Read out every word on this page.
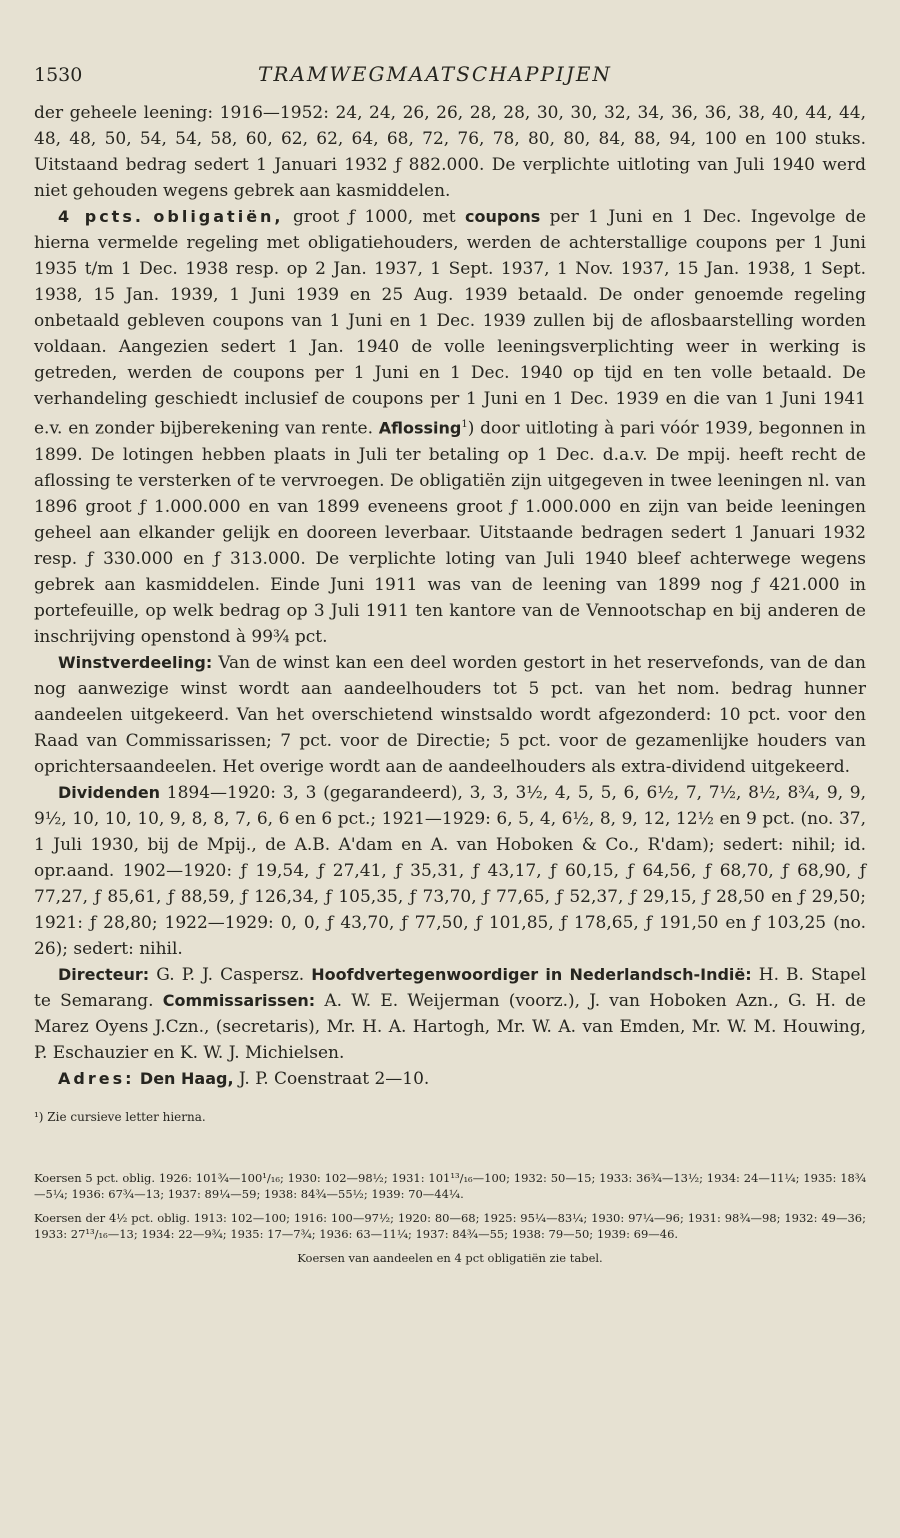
1530	TRAMWEGMAATSCHAPPIJEN

der geheele leening: 1916—1952: 24, 24, 26, 26, 28, 28, 30, 30, 32, 34, 36, 36, 38, 40, 44, 44, 48, 48, 50, 54, 54, 58, 60, 62, 62, 64, 68, 72, 76, 78, 80, 80, 84, 88, 94, 100 en 100 stuks. Uitstaand bedrag sedert 1 Januari 1932 ƒ 882.000. De verplichte uitloting van Juli 1940 werd niet gehouden wegens gebrek aan kasmiddelen.

4 pcts. obligatiën, groot ƒ 1000, met coupons per 1 Juni en 1 Dec. Ingevolge de hierna vermelde regeling met obligatiehouders, werden de achterstallige coupons per 1 Juni 1935 t/m 1 Dec. 1938 resp. op 2 Jan. 1937, 1 Sept. 1937, 1 Nov. 1937, 15 Jan. 1938, 1 Sept. 1938, 15 Jan. 1939, 1 Juni 1939 en 25 Aug. 1939 betaald. De onder genoemde regeling onbetaald gebleven coupons van 1 Juni en 1 Dec. 1939 zullen bij de aflosbaarstelling worden voldaan. Aangezien sedert 1 Jan. 1940 de volle leeningsverplichting weer in werking is getreden, werden de coupons per 1 Juni en 1 Dec. 1940 op tijd en ten volle betaald. De verhandeling geschiedt inclusief de coupons per 1 Juni en 1 Dec. 1939 en die van 1 Juni 1941 e.v. en zonder bijberekening van rente. Aflossing$^1$) door uitloting à pari vóór 1939, begonnen in 1899. De lotingen hebben plaats in Juli ter betaling op 1 Dec. d.a.v. De mpij. heeft recht de aflossing te versterken of te vervroegen. De obligatiën zijn uitgegeven in twee leeningen nl. van 1896 groot ƒ 1.000.000 en van 1899 eveneens groot ƒ 1.000.000 en zijn van beide leeningen geheel aan elkander gelijk en dooreen leverbaar. Uitstaande bedragen sedert 1 Januari 1932 resp. ƒ 330.000 en ƒ 313.000. De verplichte loting van Juli 1940 bleef achterwege wegens gebrek aan kasmiddelen. Einde Juni 1911 was van de leening van 1899 nog ƒ 421.000 in portefeuille, op welk bedrag op 3 Juli 1911 ten kantore van de Vennootschap en bij anderen de inschrijving openstond à 99¾ pct.

Winstverdeeling: Van de winst kan een deel worden gestort in het reservefonds, van de dan nog aanwezige winst wordt aan aandeelhouders tot 5 pct. van het nom. bedrag hunner aandeelen uitgekeerd. Van het overschietend winstsaldo wordt afgezonderd: 10 pct. voor den Raad van Commissarissen; 7 pct. voor de Directie; 5 pct. voor de gezamenlijke houders van oprichtersaandeelen. Het overige wordt aan de aandeelhouders als extra-dividend uitgekeerd.

Dividenden 1894—1920: 3, 3 (gegarandeerd), 3, 3, 3½, 4, 5, 5, 6, 6½, 7, 7½, 8½, 8¾, 9, 9, 9½, 10, 10, 10, 9, 8, 8, 7, 6, 6 en 6 pct.; 1921—1929: 6, 5, 4, 6½, 8, 9, 12, 12½ en 9 pct. (no. 37, 1 Juli 1930, bij de Mpij., de A.B. A'dam en A. van Hoboken & Co., R'dam); sedert: nihil; id. opr.aand. 1902—1920: ƒ 19,54, ƒ 27,41, ƒ 35,31, ƒ 43,17, ƒ 60,15, ƒ 64,56, ƒ 68,70, ƒ 68,90, ƒ 77,27, ƒ 85,61, ƒ 88,59, ƒ 126,34, ƒ 105,35, ƒ 73,70, ƒ 77,65, ƒ 52,37, ƒ 29,15, ƒ 28,50 en ƒ 29,50; 1921: ƒ 28,80; 1922—1929: 0, 0, ƒ 43,70, ƒ 77,50, ƒ 101,85, ƒ 178,65, ƒ 191,50 en ƒ 103,25 (no. 26); sedert: nihil.

Directeur: G. P. J. Caspersz. Hoofdvertegenwoordiger in Nederlandsch-Indië: H. B. Stapel te Semarang. Commissarissen: A. W. E. Weijerman (voorz.), J. van Hoboken Azn., G. H. de Marez Oyens J.Czn., (secretaris), Mr. H. A. Hartogh, Mr. W. A. van Emden, Mr. W. M. Houwing, P. Eschauzier en K. W. J. Michielsen.

Adres: Den Haag, J. P. Coenstraat 2—10.

¹) Zie cursieve letter hierna.

Koersen 5 pct. oblig. 1926: 101¾—100¹/₁₆; 1930: 102—98½; 1931: 101¹³/₁₆—100; 1932: 50—15; 1933: 36¾—13½; 1934: 24—11¼; 1935: 18¾—5¼; 1936: 67¾—13; 1937: 89¼—59; 1938: 84¾—55½; 1939: 70—44¼.

Koersen der 4½ pct. oblig. 1913: 102—100; 1916: 100—97½; 1920: 80—68; 1925: 95¼—83¼; 1930: 97¼—96; 1931: 98¾—98; 1932: 49—36; 1933: 27¹³/₁₆—13; 1934: 22—9¾; 1935: 17—7¾; 1936: 63—11¼; 1937: 84¾—55; 1938: 79—50; 1939: 69—46.

Koersen van aandeelen en 4 pct obligatiën zie tabel.
